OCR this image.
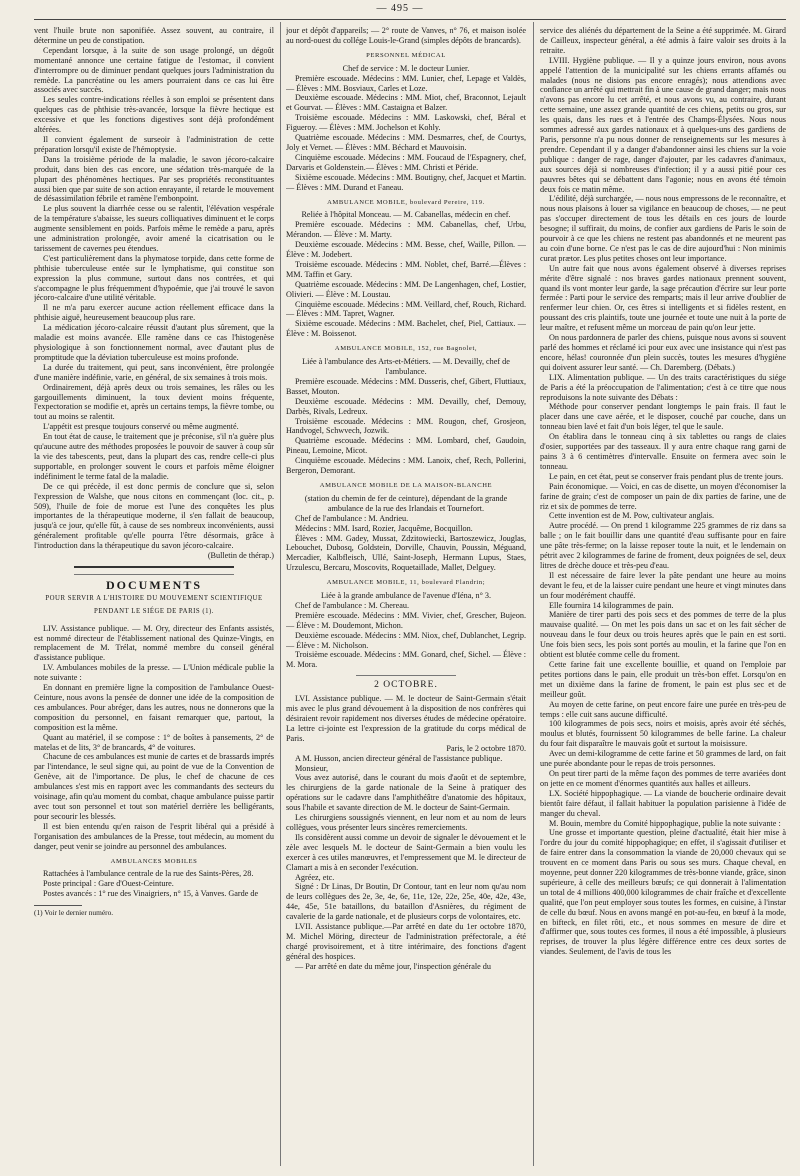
— 495 —

vent l'huile brute non saponifiée. Assez souvent, au contraire, il détermine un peu de constipation.

Cependant lorsque, à la suite de son usage prolongé, un dégoût momentané annonce une certaine fatigue de l'estomac, il convient d'interrompre ou de diminuer pendant quelques jours l'administration du remède. La pancréatine ou les amers pourraient dans ce cas lui être associés avec succès.

Les seules contre-indications réelles à son emploi se présentent dans quelques cas de phthisie très-avancée, lorsque la fièvre hectique est excessive et que les fonctions digestives sont déjà profondément altérées.

Il convient également de surseoir à l'administration de cette préparation lorsqu'il existe de l'hémoptysie.

Dans la troisième période de la maladie, le savon jécoro-calcaire produit, dans bien des cas encore, une sédation très-marquée de la plupart des phénomènes hectiques. Par ses propriétés reconstituantes aussi bien que par suite de son action enrayante, il retarde le mouvement de désassimilation fébrile et ramène l'embonpoint.

Le plus souvent la diarrhée cesse ou se ralentit, l'élévation vespérale de la température s'abaisse, les sueurs colliquatives diminuent et le corps augmente sensiblement en poids. Parfois même le remède a paru, après une administration prolongée, avoir amené la cicatrisation ou le tarissement de cavernes peu étendues.

C'est particulièrement dans la phymatose torpide, dans cette forme de phthisie tuberculeuse entée sur le lymphatisme, qui constitue son expression la plus commune, surtout dans nos contrées, et qui s'accompagne le plus fréquemment d'hypoémie, que j'ai trouvé le savon jécoro-calcaire d'une utilité véritable.

Il ne m'a paru exercer aucune action réellement efficace dans la phthisie aiguë, heureusement beaucoup plus rare.

La médication jécoro-calcaire réussit d'autant plus sûrement, que la maladie est moins avancée. Elle ramène dans ce cas l'histogenèse physiologique à son fonctionnement normal, avec d'autant plus de promptitude que la déviation tuberculeuse est moins profonde.

La durée du traitement, qui peut, sans inconvénient, être prolongée d'une manière indéfinie, varie, en général, de six semaines à trois mois.

Ordinairement, déjà après deux ou trois semaines, les râles ou les gargouillements diminuent, la toux devient moins fréquente, l'expectoration se modifie et, après un certains temps, la fièvre tombe, ou tout au moins se ralentit.

L'appétit est presque toujours conservé ou même augmenté.

En tout état de cause, le traitement que je préconise, s'il n'a guère plus qu'aucune autre des méthodes proposées le pouvoir de sauver à coup sûr la vie des tabescents, peut, dans la plupart des cas, rendre celle-ci plus supportable, en prolonger souvent le cours et parfois même éloigner indéfiniment le terme fatal de la maladie.

De ce qui précède, il est donc permis de conclure que si, selon l'expression de Walshe, que nous citons en commençant (loc. cit., p. 509), l'huile de foie de morue est l'une des conquêtes les plus importantes de la thérapeutique moderne, il s'en fallait de beaucoup, jusqu'à ce jour, qu'elle fût, à cause de ses nombreux inconvénients, aussi généralement profitable qu'elle pourra l'être désormais, grâce à l'introduction dans la thérapeutique du savon jécoro-calcaire.

(Bulletin de thérap.)

DOCUMENTS
POUR SERVIR A L'HISTOIRE DU MOUVEMENT SCIENTIFIQUE
PENDANT LE SIÉGE DE PARIS (1).

LIV. Assistance publique. — M. Ory, directeur des Enfants assistés, est nommé directeur de l'établissement national des Quinze-Vingts, en remplacement de M. Trélat, nommé membre du conseil général d'assistance publique.

LV. Ambulances mobiles de la presse. — L'Union médicale publie la note suivante :

En donnant en première ligne la composition de l'ambulance Ouest-Ceinture, nous avons la pensée de donner une idée de la composition de ces ambulances. Pour abréger, dans les autres, nous ne donnerons que la composition du personnel, en faisant remarquer que, partout, la composition est la même.

Quant au matériel, il se compose : 1° de boîtes à pansements, 2° de matelas et de lits, 3° de brancards, 4° de voitures.

Chacune de ces ambulances est munie de cartes et de brassards imprés par l'intendance, le seul signe qui, au point de vue de la Convention de Genève, ait de l'importance. De plus, le chef de chacune de ces ambulances s'est mis en rapport avec les commandants des secteurs du voisinage, afin qu'au moment du combat, chaque ambulance puisse partir avec tout son personnel et tout son matériel derrière les belligérants, pour secourir les blessés.

Il est bien entendu qu'en raison de l'esprit libéral qui a présidé à l'organisation des ambulances de la Presse, tout médecin, au moment du danger, peut venir se joindre au personnel des ambulances.

AMBULANCES MOBILES

Rattachées à l'ambulance centrale de la rue des Saints-Pères, 28.

Poste principal : Gare d'Ouest-Ceinture.

Postes avancés : 1° rue des Vinaigriers, n° 15, à Vanves. Garde de

(1) Voir le dernier numéro.

jour et dépôt d'appareils; — 2° route de Vanves, n° 76, et maison isolée au nord-ouest du collége Louis-le-Grand (simples dépôts de brancards).

PERSONNEL MÉDICAL

Chef de service : M. le docteur Lunier.

Première escouade. Médecins : MM. Lunier, chef, Lepage et Valdès, — Élèves : MM. Bosviaux, Carles et Loze.

Deuxième escouade. Médecins : MM. Miot, chef, Braconnot, Lejault et Gourvat. — Élèves : MM. Castaigna et Balzer.

Troisième escouade. Médecins : MM. Laskowski, chef, Béral et Figueroy. — Élèves : MM. Jochelson et Kohly.

Quatrième escouade. Médecins : MM. Desmarres, chef, de Courtys, Joly et Vernet. — Élèves : MM. Béchard et Mauvoisin.

Cinquième escouade. Médecins : MM. Foucaud de l'Espagnery, chef, Darvaris et Goldenstein.— Élèves : MM. Christi et Péride.

Sixième escouade. Médecins : MM. Boutigny, chef, Jacquet et Martin. — Élèves : MM. Durand et Faneau.

AMBULANCE MOBILE, boulevard Pereire, 119.

Reliée à l'hôpital Monceau. — M. Cabanellas, médecin en chef.

Première escouade. Médecins : MM. Cabanellas, chef, Urbu, Mérandon. — Élève : M. Marty.

Deuxième escouade. Médecins : MM. Besse, chef, Waille, Pillon. — Élève : M. Jodebert.

Troisième escouade. Médecins : MM. Noblet, chef, Barré.—Élèves : MM. Taffin et Gary.

Quatrième escouade. Médecins : MM. De Langenhagen, chef, Lostier, Olivieri. — Élève : M. Loustau.

Cinquième escouade. Médecins : MM. Veillard, chef, Rouch, Richard. — Élèves : MM. Tapret, Wagner.

Sixième escouade. Médecins : MM. Bachelet, chef, Piel, Cattiaux. — Élève : M. Boissenot.

AMBULANCE MOBILE, 152, rue Bagnolet,

Liée à l'ambulance des Arts-et-Métiers. — M. Devailly, chef de l'ambulance.

Première escouade. Médecins : MM. Dusseris, chef, Gibert, Fluttiaux, Basset, Mouton.

Deuxième escouade. Médecins : MM. Devailly, chef, Demouy, Darbès, Rivals, Ledreux.

Troisième escouade. Médecins : MM. Rougon, chef, Grosjeon, Handvogel, Schwvech, Jozwik.

Quatrième escouade. Médecins : MM. Lombard, chef, Gaudoin, Pineau, Lemoine, Micot.

Cinquième escouade. Médecins : MM. Lanoix, chef, Rech, Pollerini, Bergeron, Demorant.

AMBULANCE MOBILE DE LA MAISON-BLANCHE

(station du chemin de fer de ceinture), dépendant de la grande ambulance de la rue des Irlandais et Tournefort.

Chef de l'ambulance : M. Andrieu.

Médecins : MM. Isard, Rozier, Jacquême, Bocquillon.

Élèves : MM. Gadey, Mussat, Zdzitowiecki, Bartoszewicz, Jouglas, Lebouchet, Dubosq, Goldstein, Dorville, Chauvin, Poussin, Méguand, Mercadier, Kalbfleisch, Ullé, Saint-Joseph, Hermann Lupus, Staes, Urzulescu, Bercaru, Moscovits, Roquetaillade, Mallet, Delguey.

AMBULANCE MOBILE, 11, boulevard Flandrin;

Liée à la grande ambulance de l'avenue d'Iéna, n° 3.

Chef de l'ambulance : M. Chereau.

Première escouade. Médecins : MM. Vivier, chef, Grescher, Bujeon. — Élève : M. Doudemont, Michon.

Deuxième escouade. Médecins : MM. Niox, chef, Dublanchet, Legrip. — Élève : M. Nicholson.

Troisième escouade. Médecins : MM. Gonard, chef, Sichel. — Élève : M. Mora.

2 OCTOBRE.

LVI. Assistance publique. — M. le docteur de Saint-Germain s'était mis avec le plus grand dévouement à la disposition de nos confrères qui désiraient revoir rapidement nos diverses études de médecine opératoire. La lettre ci-jointe est l'expression de la gratitude du corps médical de Paris.

Paris, le 2 octobre 1870.

A M. Husson, ancien directeur général de l'assistance publique.

Monsieur,

Vous avez autorisé, dans le courant du mois d'août et de septembre, les chirurgiens de la garde nationale de la Seine à pratiquer des opérations sur le cadavre dans l'amphithéâtre d'anatomie des hôpitaux, sous l'habile et savante direction de M. le docteur de Saint-Germain.

Les chirurgiens soussignés viennent, en leur nom et au nom de leurs collègues, vous présenter leurs sincères remerciements.

Ils considèrent aussi comme un devoir de signaler le dévouement et le zèle avec lesquels M. le docteur de Saint-Germain a bien voulu les exercer à ces utiles manœuvres, et l'empressement que M. le directeur de Clamart a mis à en seconder l'exécution.

Agréez, etc.

Signé : Dr Linas, Dr Boutin, Dr Contour, tant en leur nom qu'au nom de leurs collègues des 2e, 3e, 4e, 6e, 11e, 12e, 22e, 25e, 40e, 42e, 43e, 44e, 45e, 51e bataillons, du bataillon d'Asnières, du régiment de cavalerie de la garde nationale, et de plusieurs corps de volontaires, etc.

LVII. Assistance publique.—Par arrêté en date du 1er octobre 1870, M. Michel Möring, directeur de l'administration préfectorale, a été chargé provisoirement, et à titre intérimaire, des fonctions d'agent général des hospices.

— Par arrêté en date du même jour, l'inspection générale du

service des aliénés du département de la Seine a été supprimée. M. Girard de Cailleux, inspecteur général, a été admis à faire valoir ses droits à la retraite.

LVIII. Hygiène publique. — Il y a quinze jours environ, nous avons appelé l'attention de la municipalité sur les chiens errants affamés ou malades (nous ne disions pas encore enragés); nous attendions avec confiance un arrêté qui mettrait fin à une cause de grand danger; mais nous n'avons pas encore lu cet arrêté, et nous avons vu, au contraire, durant cette semaine, une assez grande quantité de ces chiens, petits ou gros, sur les quais, dans les rues et à l'entrée des Champs-Élysées. Nous nous sommes adressé aux gardes nationaux et à quelques-uns des gardiens de Paris, personne n'a pu nous donner de renseignements sur les mesures à prendre. Cependant il y a danger d'abandonner ainsi les chiens sur la voie publique : danger de rage, danger d'ajouter, par les cadavres d'animaux, aux sources déjà si nombreuses d'infection; il y a aussi pitié pour ces pauvres bêtes qui se débattent dans l'agonie; nous en avons été témoin deux fois ce matin même.

L'édilité, déjà surchargée, — nous nous empressons de le reconnaître, et nous nous plaisons à louer sa vigilance en beaucoup de choses, — ne peut pas s'occuper directement de tous les détails en ces jours de lourde besogne; il suffirait, du moins, de confier aux gardiens de Paris le soin de pourvoir à ce que les chiens ne restent pas abandonnés et ne meurent pas au coin d'une borne. Ce n'est pas le cas de dire aujourd'hui : Non minimis curat prætor. Les plus petites choses ont leur importance.

Un autre fait que nous avons également observé à diverses reprises mérite d'être signalé : nos braves gardes nationaux prennent souvent, quand ils vont monter leur garde, la sage précaution d'écrire sur leur porte fermée : Parti pour le service des remparts; mais il leur arrive d'oublier de renfermer leur chien. Or, ces êtres si intelligents et si fidèles restent, en poussant des cris plaintifs, toute une journée et toute une nuit à la porte de leur maître, et refusent même un morceau de pain qu'on leur jette.

On nous pardonnera de parler des chiens, puisque nous avons si souvent parlé des hommes et réclamé ici pour eux avec une insistance qui n'est pas encore, hélas! couronnée d'un plein succès, toutes les mesures d'hygiène qui doivent assurer leur santé. — Ch. Daremberg. (Débats.)

LIX. Alimentation publique. — Un des traits caractéristiques du siége de Paris a été la préoccupation de l'alimentation; c'est à ce titre que nous reproduisons la note suivante des Débats :

Méthode pour conserver pendant longtemps le pain frais. Il faut le placer dans une cave aérée, et le disposer, couché par couche, dans un tonneau bien lavé et fait d'un bois léger, tel que le saule.

On établira dans le tonneau cinq à six tablettes ou rangs de claies d'osier, supportées par des tasseaux. Il y aura entre chaque rang garni de pains 3 à 6 centimètres d'intervalle. Ensuite on fermera avec soin le tonneau.

Le pain, en cet état, peut se conserver frais pendant plus de trente jours.

Pain économique. — Voici, en cas de disette, un moyen d'économiser la farine de grain; c'est de composer un pain de dix parties de farine, une de riz et six de pommes de terre.

Cette invention est de M. Pow, cultivateur anglais.

Autre procédé. — On prend 1 kilogramme 225 grammes de riz dans sa balle ; on le fait bouillir dans une quantité d'eau suffisante pour en faire une pâte très-ferme; on la laisse reposer toute la nuit, et le lendemain on pétrit avec 2 kilogrammes de farine de froment, deux poignées de sel, deux litres de drèche douce et très-peu d'eau.

Il est nécessaire de faire lever la pâte pendant une heure au moins devant le feu, et de la laisser cuire pendant une heure et vingt minutes dans un four modérément chauffé.

Elle fournira 14 kilogrammes de pain.

Manière de tirer parti des pois secs et des pommes de terre de la plus mauvaise qualité. — On met les pois dans un sac et on les fait sécher de nouveau dans le four deux ou trois heures après que le pain en est sorti. Une fois bien secs, les pois sont portés au moulin, et la farine que l'on en obtient est blutée comme celle du froment.

Cette farine fait une excellente bouillie, et quand on l'emploie par petites portions dans le pain, elle produit un très-bon effet. Lorsqu'on en met un dixième dans la farine de froment, le pain est plus sec et de meilleur goût.

Au moyen de cette farine, on peut encore faire une purée en très-peu de temps : elle cuit sans aucune difficulté.

100 kilogrammes de pois secs, noirs et moisis, après avoir été séchés, moulus et blutés, fournissent 50 kilogrammes de belle farine. La chaleur du four fait disparaître le mauvais goût et surtout la moisissure.

Avec un demi-kilogramme de cette farine et 50 grammes de lard, on fait une purée abondante pour le repas de trois personnes.

On peut tirer parti de la même façon des pommes de terre avariées dont on jette en ce moment d'énormes quantités aux halles et ailleurs.

LX. Société hippophagique. — La viande de boucherie ordinaire devait bientôt faire défaut, il fallait habituer la population parisienne à l'idée de manger du cheval.

M. Bouin, membre du Comité hippophagique, publie la note suivante :

Une grosse et importante question, pleine d'actualité, était hier mise à l'ordre du jour du comité hippophagique; en effet, il s'agissait d'utiliser et de faire entrer dans la consommation la viande de 20,000 chevaux qui se trouvent en ce moment dans Paris ou sous ses murs. Chaque cheval, en moyenne, peut donner 220 kilogrammes de très-bonne viande, grâce, sinon supérieure, à celle des meilleurs bœufs; ce qui donnerait à l'alimentation un total de 4 millions 400,000 kilogrammes de chair fraîche et d'excellente qualité, que l'on peut employer sous toutes les formes, en cuisine, à l'instar de celle du bœuf. Nous en avons mangé en pot-au-feu, en bœuf à la mode, en bifteck, en filet rôti, etc., et nous sommes en mesure de dire et d'affirmer que, sous toutes ces formes, il nous a été impossible, à plusieurs reprises, de trouver la plus légère différence entre ces deux sortes de viandes. Seulement, de l'avis de tous les
